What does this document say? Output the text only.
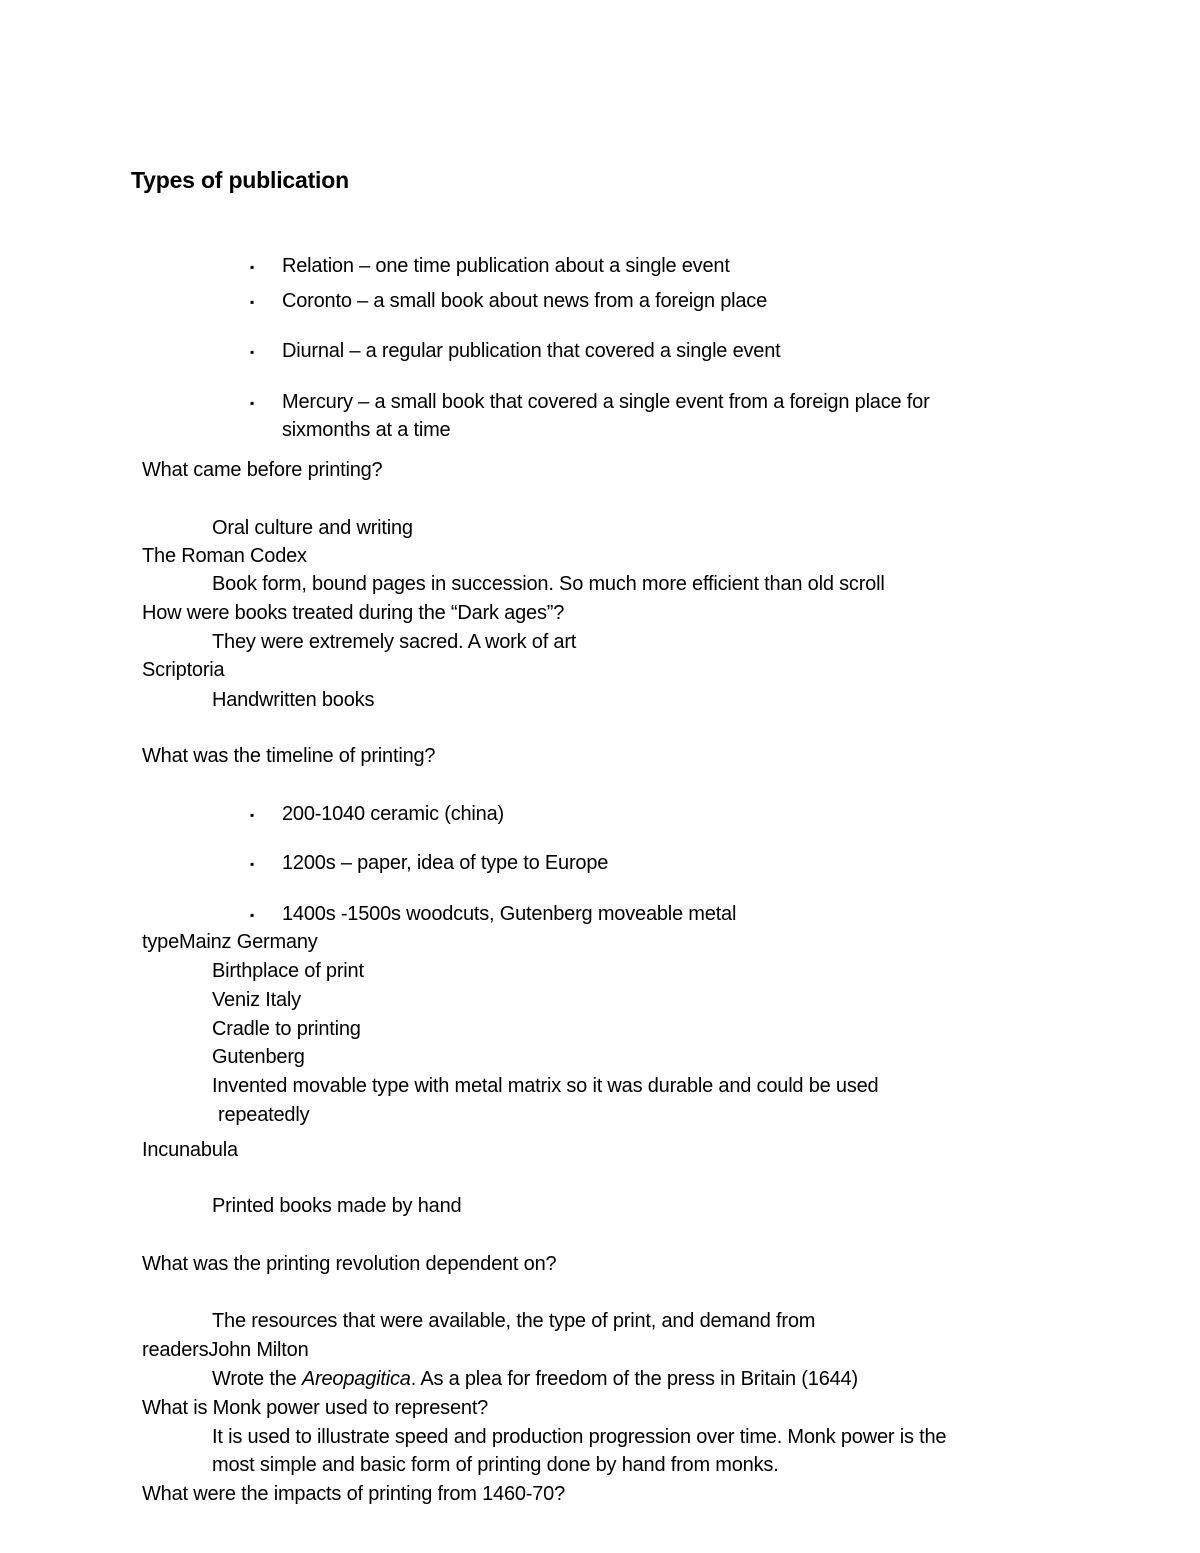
Types of publication
▪ Relation – one time publication about a single event
▪ Coronto – a small book about news from a foreign place
▪ Diurnal – a regular publication that covered a single event
▪ Mercury – a small book that covered a single event from a foreign place for
sixmonths at a time
What came before printing?
Oral culture and writing
The Roman Codex
Book form, bound pages in succession. So much more efficient than old scroll
How were books treated during the “Dark ages”?
They were extremely sacred. A work of art
Scriptoria
Handwritten books
What was the timeline of printing?
▪ 200-1040 ceramic (china)
▪ 1200s – paper, idea of type to Europe
▪ 1400s -1500s woodcuts, Gutenberg moveable metal
typeMainz Germany
Birthplace of print
Veniz Italy
Cradle to printing
Gutenberg
Invented movable type with metal matrix so it was durable and could be used
repeatedly
Incunabula
Printed books made by hand
What was the printing revolution dependent on?
The resources that were available, the type of print, and demand from
readersJohn Milton
Wrote the Areopagitica. As a plea for freedom of the press in Britain (1644)
What is Monk power used to represent?
It is used to illustrate speed and production progression over time. Monk power is the
most simple and basic form of printing done by hand from monks.
What were the impacts of printing from 1460-70?
